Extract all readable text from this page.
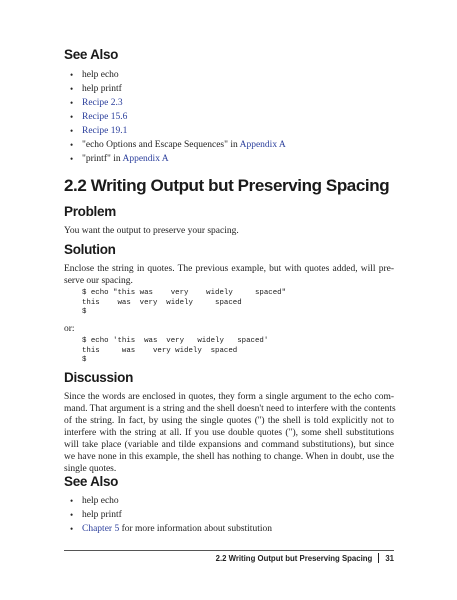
See Also
• help echo
• help printf
• Recipe 2.3
• Recipe 15.6
• Recipe 19.1
• "echo Options and Escape Sequences" in Appendix A
• "printf" in Appendix A
2.2 Writing Output but Preserving Spacing
Problem

You want the output to preserve your spacing.

Solution

Enclose the string in quotes. The previous example, but with quotes added, will pre-
serve our spacing.

$ echo "this was    very    widely     spaced"
this    was  very  widely     spaced
$

or:

$ echo 'this  was  very   widely   spaced'
this     was    very widely  spaced
$
Discussion

Since the words are enclosed in quotes, they form a single argument to the echo com-
mand. That argument is a string and the shell doesn't need to interfere with the contents
of the string. In fact, by using the single quotes ('') the shell is told explicitly not to
interfere with the string at all. If you use double quotes ("), some shell substitutions
will take place (variable and tilde expansions and command substitutions), but since
we have none in this example, the shell has nothing to change. When in doubt, use the
single quotes.

See Also
• help echo
• help printf
• Chapter 5 for more information about substitution
2.2 Writing Output but Preserving Spacing 31
